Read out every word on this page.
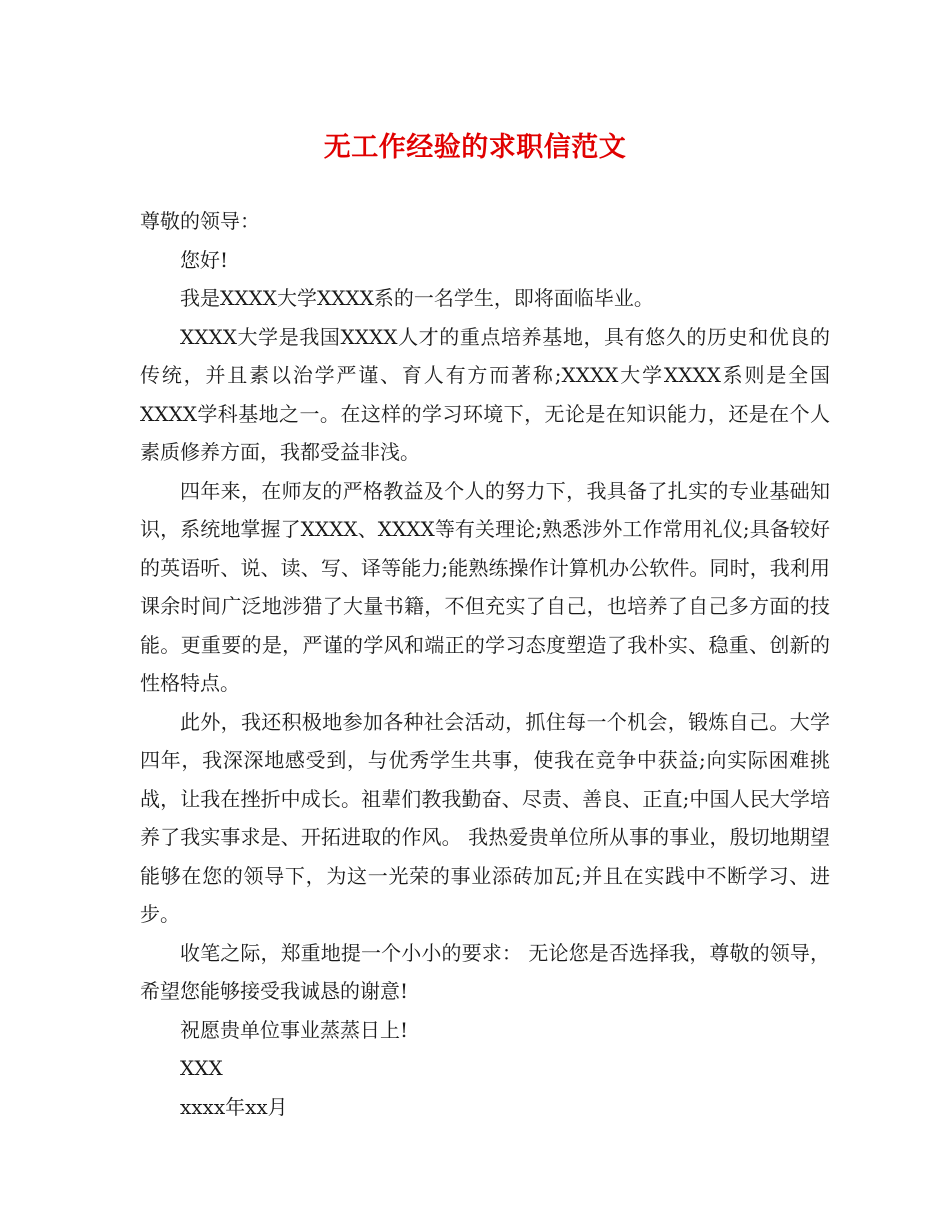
无工作经验的求职信范文

尊敬的领导：

您好!

我是XXXX大学XXXX系的一名学生，即将面临毕业。

XXXX大学是我国XXXX人才的重点培养基地，具有悠久的历史和优良的传统，并且素以治学严谨、育人有方而著称;XXXX大学XXXX系则是全国XXXX学科基地之一。在这样的学习环境下，无论是在知识能力，还是在个人素质修养方面，我都受益非浅。

四年来，在师友的严格教益及个人的努力下，我具备了扎实的专业基础知识，系统地掌握了XXXX、XXXX等有关理论;熟悉涉外工作常用礼仪;具备较好的英语听、说、读、写、译等能力;能熟练操作计算机办公软件。同时，我利用课余时间广泛地涉猎了大量书籍，不但充实了自己，也培养了自己多方面的技能。更重要的是，严谨的学风和端正的学习态度塑造了我朴实、稳重、创新的性格特点。

此外，我还积极地参加各种社会活动，抓住每一个机会，锻炼自己。大学四年，我深深地感受到，与优秀学生共事，使我在竞争中获益;向实际困难挑战，让我在挫折中成长。祖辈们教我勤奋、尽责、善良、正直;中国人民大学培养了我实事求是、开拓进取的作风。 我热爱贵单位所从事的事业，殷切地期望能够在您的领导下，为这一光荣的事业添砖加瓦;并且在实践中不断学习、进步。

收笔之际，郑重地提一个小小的要求： 无论您是否选择我，尊敬的领导，希望您能够接受我诚恳的谢意!

祝愿贵单位事业蒸蒸日上!

XXX

xxxx年xx月
